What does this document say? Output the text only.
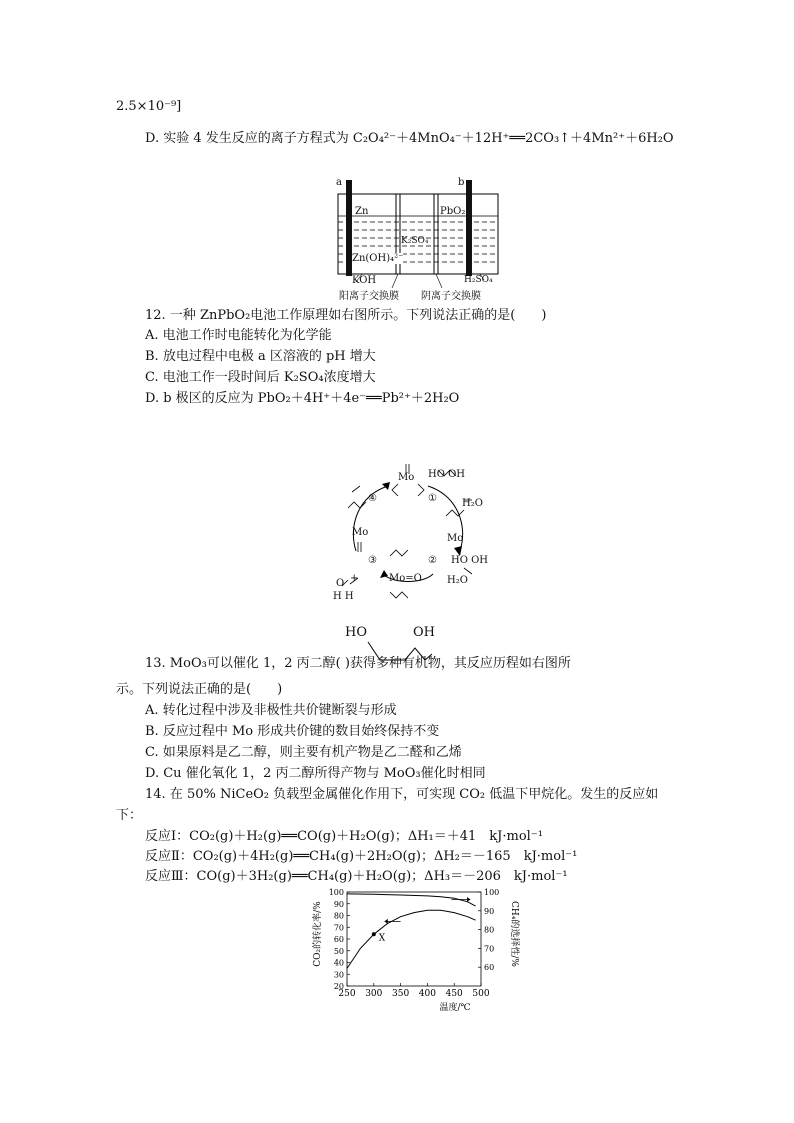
2.5×10⁻⁹]
D. 实验 4 发生反应的离子方程式为 C₂O₄²⁻＋4MnO₄⁻＋12H⁺══2CO₃↑＋4Mn²⁺＋6H₂O
a	b
Zn	PbO₂
K₂SO₄
Zn(OH)₄²⁻
KOH	H₂SO₄
阳离子交换膜 阴离子交换膜
12. 一种 ZnPbO₂电池工作原理如右图所示。下列说法正确的是(　　)
A. 电池工作时电能转化为化学能
B. 放电过程中电极 a 区溶液的 pH 增大
C. 电池工作一段时间后 K₂SO₄浓度增大
D. b 极区的反应为 PbO₂＋4H⁺＋4e⁻══Pb²⁺＋2H₂O
Mo
④	①
HO OH
H₂O
Mo
Mo
③	② HO OH
H₂O
Mo=O
O +
H H
HO	OH
13. MoO₃可以催化 1，2 丙二醇( )获得多种有机物，其反应历程如右图所
示。下列说法正确的是(　　)
A. 转化过程中涉及非极性共价键断裂与形成
B. 反应过程中 Mo 形成共价键的数目始终保持不变
C. 如果原料是乙二醇，则主要有机产物是乙二醛和乙烯
D. Cu 催化氧化 1，2 丙二醇所得产物与 MoO₃催化时相同
14. 在 50% NiCeO₂ 负载型金属催化作用下，可实现 CO₂ 低温下甲烷化。发生的反应如
下：
反应Ⅰ：CO₂(g)＋H₂(g)══CO(g)＋H₂O(g)；ΔH₁＝＋41　kJ·mol⁻¹
反应Ⅱ：CO₂(g)＋4H₂(g)══CH₄(g)＋2H₂O(g)；ΔH₂＝－165　kJ·mol⁻¹
反应Ⅲ：CO(g)＋3H₂(g)══CH₄(g)＋H₂O(g)；ΔH₃＝－206　kJ·mol⁻¹
250 300 350 400 450 500
20
30
40
50
60
70
80
90
100
60
70
80
90
100
X
温度/℃
CO₂的转化率/%	CH₄的选择性/%
